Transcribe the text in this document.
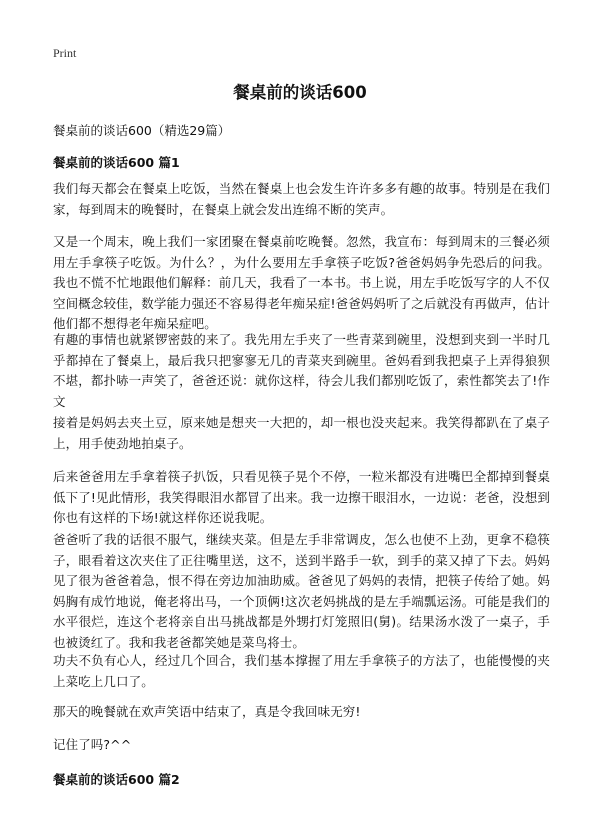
Print
餐桌前的谈话600

餐桌前的谈话600（精选29篇）

餐桌前的谈话600 篇1

我们每天都会在餐桌上吃饭，当然在餐桌上也会发生许许多多有趣的故事。特别是在我们家，每到周末的晚餐时，在餐桌上就会发出连绵不断的笑声。

又是一个周末，晚上我们一家团聚在餐桌前吃晚餐。忽然，我宣布：每到周末的三餐必须用左手拿筷子吃饭。为什么？，为什么要用左手拿筷子吃饭?爸爸妈妈争先恐后的问我。我也不慌不忙地跟他们解释：前几天，我看了一本书。书上说，用左手吃饭写字的人不仅空间概念较佳，数学能力强还不容易得老年痴呆症!爸爸妈妈听了之后就没有再做声，估计他们都不想得老年痴呆症吧。

有趣的事情也就紧锣密鼓的来了。我先用左手夹了一些青菜到碗里，没想到夹到一半时几乎都掉在了餐桌上，最后我只把寥寥无几的青菜夹到碗里。爸妈看到我把桌子上弄得狼狈不堪，都扑哧一声笑了，爸爸还说：就你这样，待会儿我们都别吃饭了，索性都笑去了!作文

接着是妈妈去夹土豆，原来她是想夹一大把的，却一根也没夹起来。我笑得都趴在了桌子上，用手使劲地拍桌子。

后来爸爸用左手拿着筷子扒饭，只看见筷子晃个不停，一粒米都没有进嘴巴全都掉到餐桌低下了!见此情形，我笑得眼泪水都冒了出来。我一边擦干眼泪水，一边说：老爸，没想到你也有这样的下场!就这样你还说我呢。

爸爸听了我的话很不服气，继续夹菜。但是左手非常调皮，怎么也使不上劲，更拿不稳筷子，眼看着这次夹住了正往嘴里送，这不，送到半路手一软，到手的菜又掉了下去。妈妈见了很为爸爸着急，恨不得在旁边加油助威。爸爸见了妈妈的表情，把筷子传给了她。妈妈胸有成竹地说，俺老将出马，一个顶俩!这次老妈挑战的是左手端瓢运汤。可能是我们的水平很烂，连这个老将亲自出马挑战都是外甥打灯笼照旧(舅)。结果汤水泼了一桌子，手也被烫红了。我和我老爸都笑她是菜鸟将士。

功夫不负有心人，经过几个回合，我们基本撑握了用左手拿筷子的方法了，也能慢慢的夹上菜吃上几口了。

那天的晚餐就在欢声笑语中结束了，真是令我回味无穷!

记住了吗?^^

餐桌前的谈话600 篇2
